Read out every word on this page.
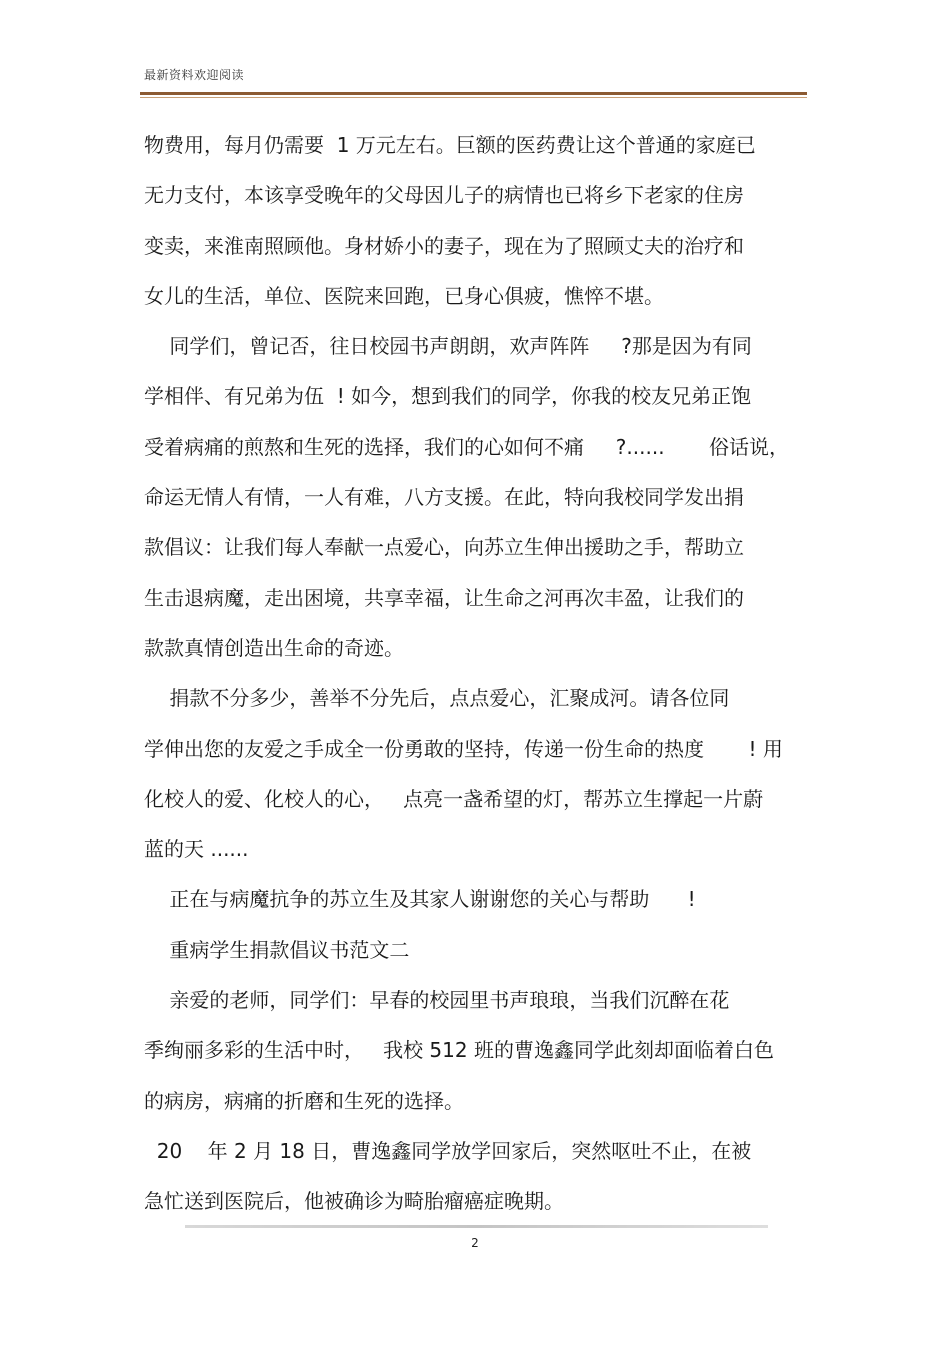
最新资料欢迎阅读
物费用，每月仍需要  1 万元左右。巨额的医药费让这个普通的家庭已
无力支付，本该享受晚年的父母因儿子的病情也已将乡下老家的住房
变卖，来淮南照顾他。身材娇小的妻子，现在为了照顾丈夫的治疗和
女儿的生活，单位、医院来回跑，已身心俱疲，憔悴不堪。
同学们，曾记否，往日校园书声朗朗，欢声阵阵     ?那是因为有同
学相伴、有兄弟为伍  ! 如今，想到我们的同学，你我的校友兄弟正饱
受着病痛的煎熬和生死的选择，我们的心如何不痛     ?......       俗话说，
命运无情人有情，一人有难，八方支援。在此，特向我校同学发出捐
款倡议：让我们每人奉献一点爱心，向苏立生伸出援助之手，帮助立
生击退病魔，走出困境，共享幸福，让生命之河再次丰盈，让我们的
款款真情创造出生命的奇迹。
捐款不分多少，善举不分先后，点点爱心，汇聚成河。请各位同
学伸出您的友爱之手成全一份勇敢的坚持，传递一份生命的热度       ! 用
化校人的爱、化校人的心，   点亮一盏希望的灯，帮苏立生撑起一片蔚
蓝的天 ......
正在与病魔抗争的苏立生及其家人谢谢您的关心与帮助      !
重病学生捐款倡议书范文二
亲爱的老师，同学们：早春的校园里书声琅琅，当我们沉醉在花
季绚丽多彩的生活中时，   我校 512 班的曹逸鑫同学此刻却面临着白色
的病房，病痛的折磨和生死的选择。
20    年 2 月 18 日，曹逸鑫同学放学回家后，突然呕吐不止，在被
急忙送到医院后，他被确诊为畸胎瘤癌症晚期。
2
